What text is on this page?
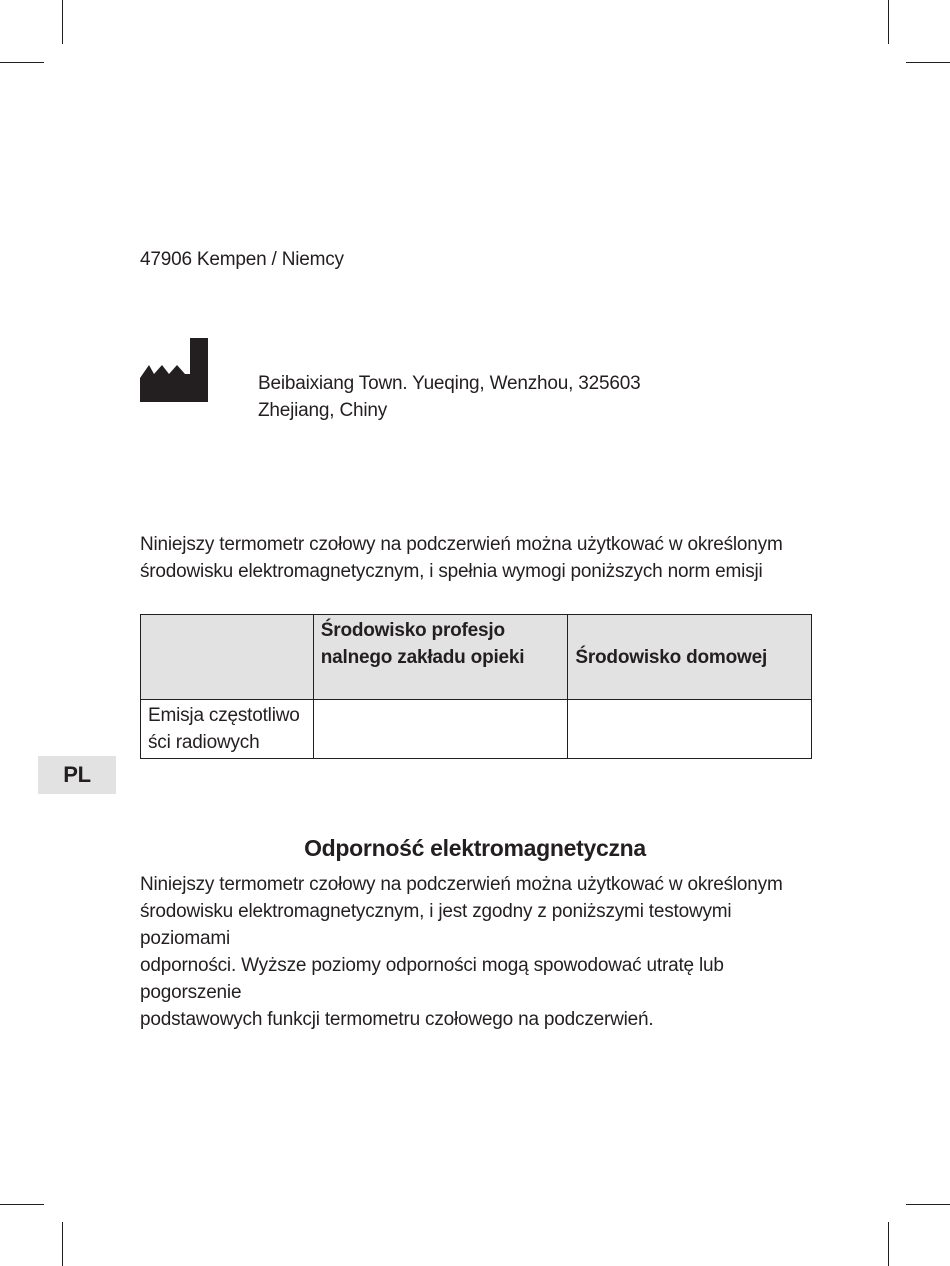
47906 Kempen / Niemcy
Beibaixiang Town. Yueqing, Wenzhou, 325603
Zhejiang, Chiny
Niniejszy termometr czołowy na podczerwień można użytkować w określonym
środowisku elektromagnetycznym, i spełnia wymogi poniższych norm emisji
	Środowisko profesjo
nalnego zakładu opieki	Środowisko domowej
Emisja częstotliwo
ści radiowych		
PL
Odporność elektromagnetyczna
Niniejszy termometr czołowy na podczerwień można użytkować w określonym
środowisku elektromagnetycznym, i jest zgodny z poniższymi testowymi poziomami
odporności. Wyższe poziomy odporności mogą spowodować utratę lub pogorszenie
podstawowych funkcji termometru czołowego na podczerwień.
